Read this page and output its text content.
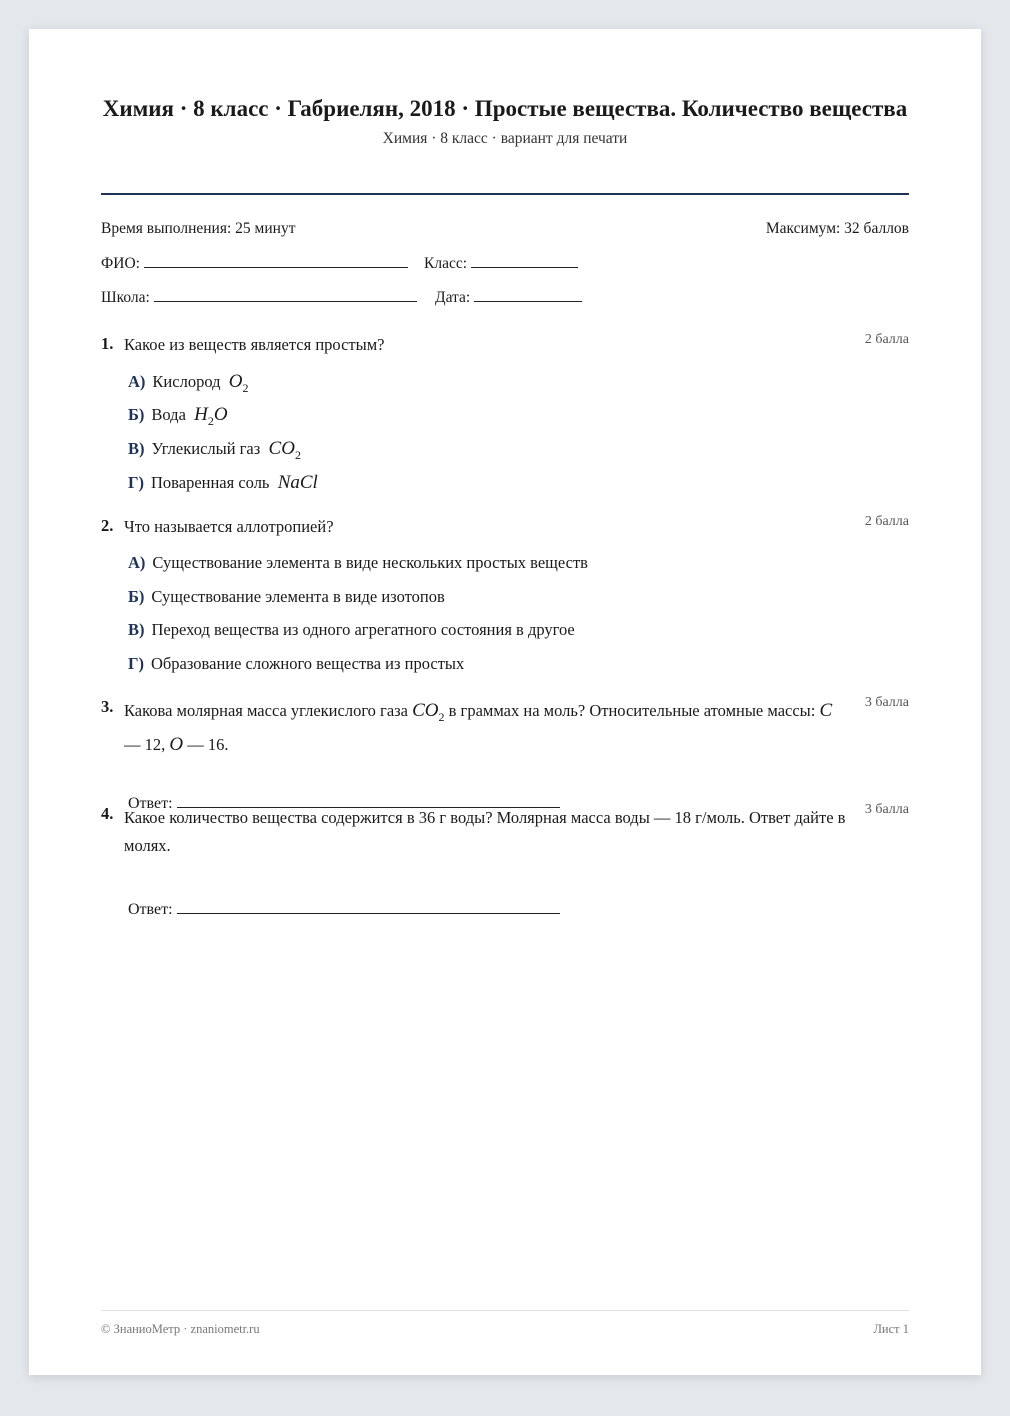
Химия · 8 класс · Габриелян, 2018 · Простые вещества. Количество вещества
Химия · 8 класс · вариант для печати
Время выполнения: 25 минут	Максимум: 32 баллов
ФИО:	Класс:
Школа:	Дата:
1. Какое из веществ является простым?	2 балла
А) Кислород $O_2$
Б) Вода $H_2O$
В) Углекислый газ $CO_2$
Г) Поваренная соль NaCl
2. Что называется аллотропией?	2 балла
А) Существование элемента в виде нескольких простых веществ
Б) Существование элемента в виде изотопов
В) Переход вещества из одного агрегатного состояния в другое
Г) Образование сложного вещества из простых
3. Какова молярная масса углекислого газа $CO_2$ в граммах на моль? Относительные атомные массы: C — 12, O — 16.
3 балла
Ответ:
4. Какое количество вещества содержится в 36 г воды? Молярная масса воды — 18 г/моль. Ответ дайте в молях.
3 балла
Ответ:
© ЗнаниоМетр · znaniometr.ru	Лист 1
